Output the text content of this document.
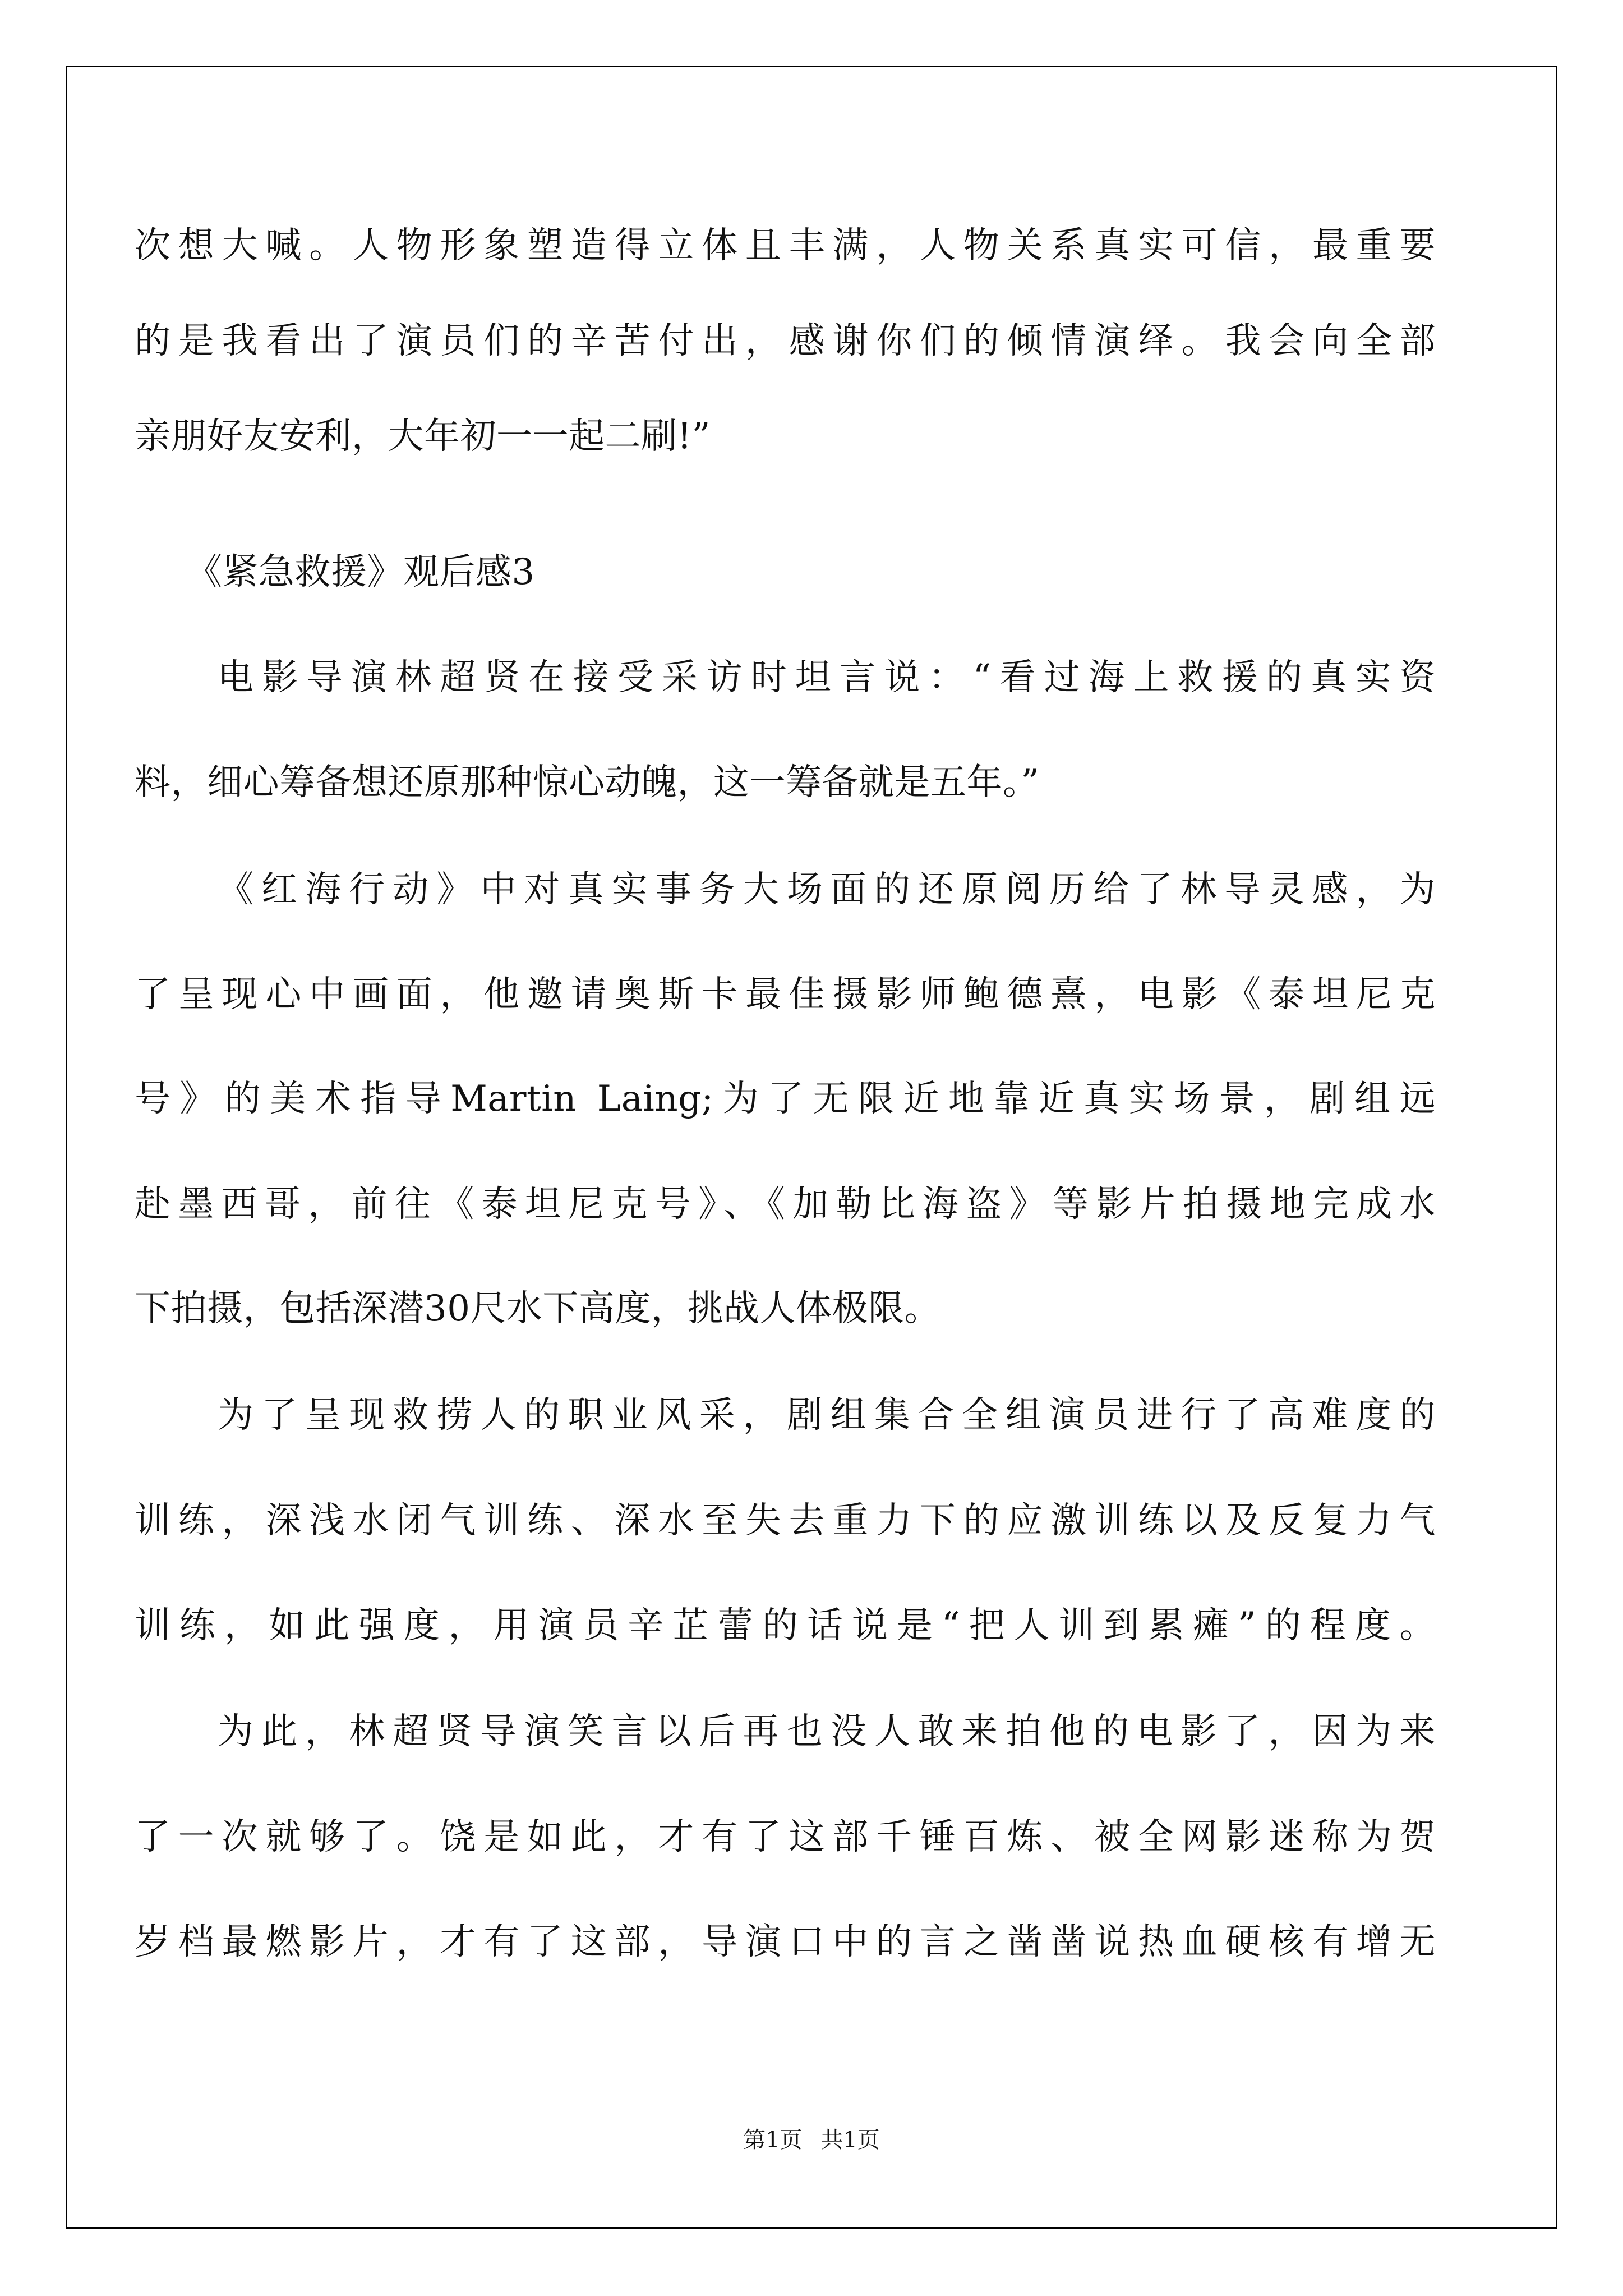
次想大喊。人物形象塑造得立体且丰满，人物关系真实可信，最重要
的是我看出了演员们的辛苦付出，感谢你们的倾情演绎。我会向全部
亲朋好友安利，大年初一一起二刷!”
《紧急救援》观后感3
电影导演林超贤在接受采访时坦言说：“看过海上救援的真实资
料，细心筹备想还原那种惊心动魄，这一筹备就是五年。”
《红海行动》中对真实事务大场面的还原阅历给了林导灵感，为
了呈现心中画面，他邀请奥斯卡最佳摄影师鲍德熹，电影《泰坦尼克
号》的美术指导Martin Laing;为了无限近地靠近真实场景，剧组远
赴墨西哥，前往《泰坦尼克号》、《加勒比海盗》等影片拍摄地完成水
下拍摄，包括深潜30尺水下高度，挑战人体极限。
为了呈现救捞人的职业风采，剧组集合全组演员进行了高难度的
训练，深浅水闭气训练、深水至失去重力下的应激训练以及反复力气
训练，如此强度，用演员辛芷蕾的话说是“把人训到累瘫”的程度。
为此，林超贤导演笑言以后再也没人敢来拍他的电影了，因为来
了一次就够了。饶是如此，才有了这部千锤百炼、被全网影迷称为贺
岁档最燃影片，才有了这部，导演口中的言之凿凿说热血硬核有增无
第1页 共1页
